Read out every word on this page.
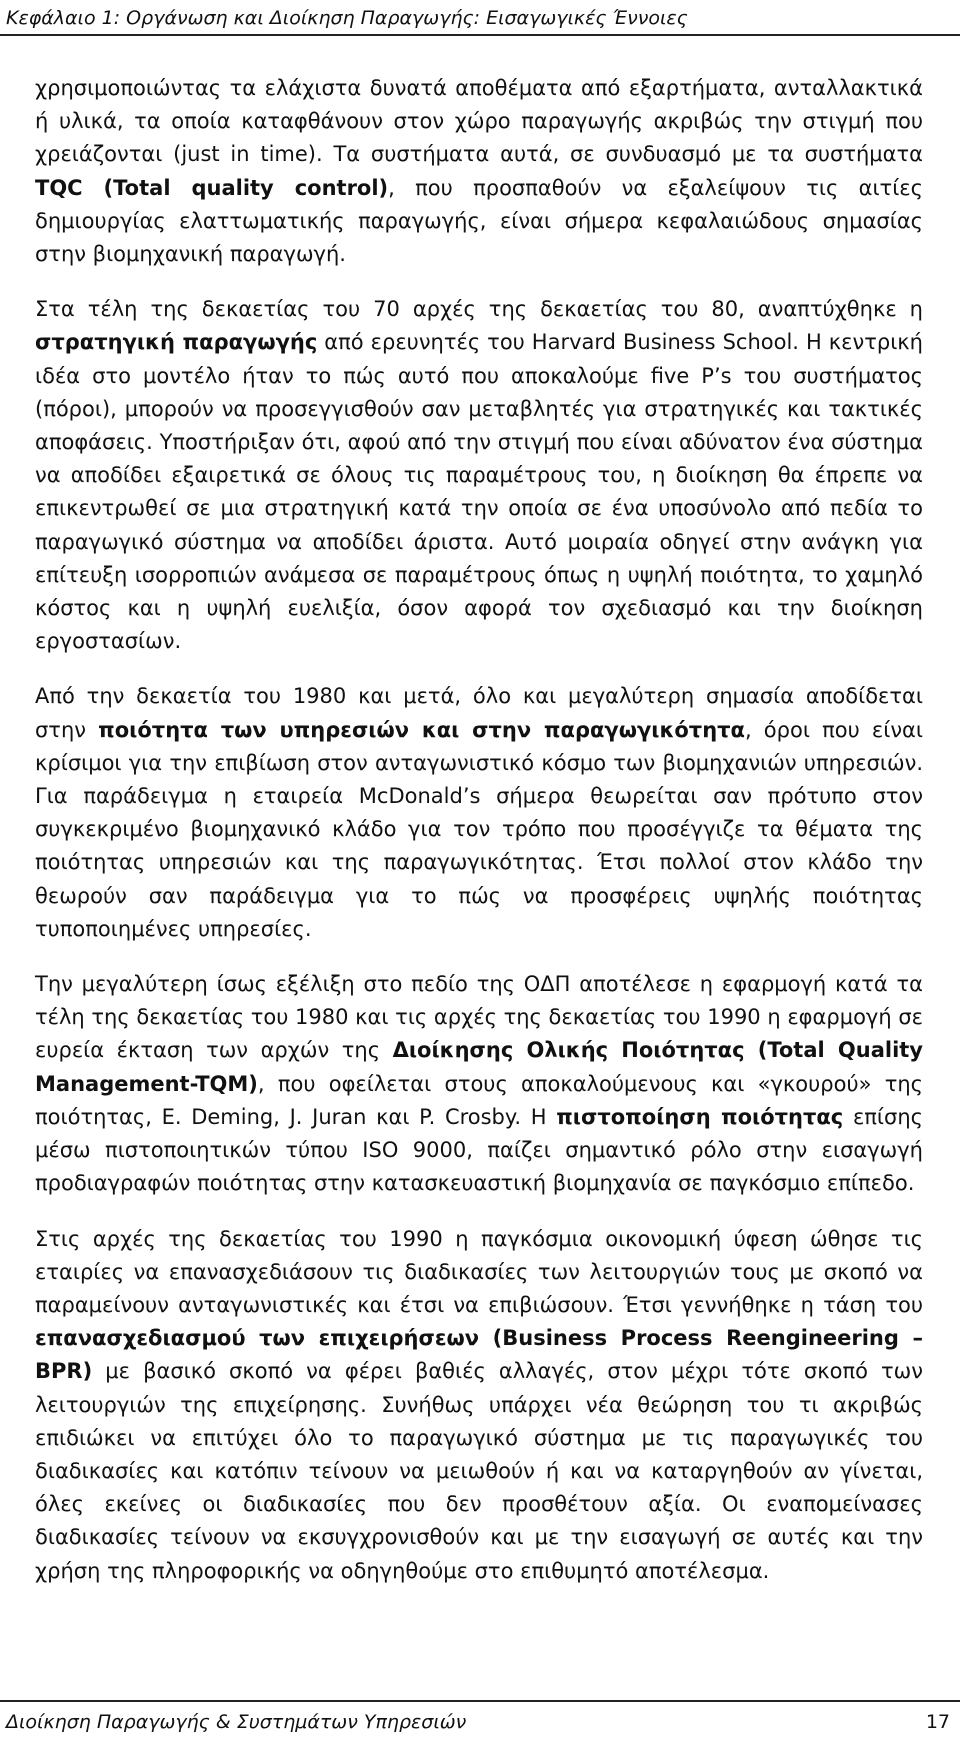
Κεφάλαιο 1: Οργάνωση και Διοίκηση Παραγωγής: Εισαγωγικές Έννοιες

χρησιμοποιώντας τα ελάχιστα δυνατά αποθέματα από εξαρτήματα, ανταλλακτικά ή υλικά, τα οποία καταφθάνουν στον χώρο παραγωγής ακριβώς την στιγμή που χρειάζονται (just in time). Τα συστήματα αυτά, σε συνδυασμό με τα συστήματα TQC (Total quality control), που προσπαθούν να εξαλείψουν τις αιτίες δημιουργίας ελαττωματικής παραγωγής, είναι σήμερα κεφαλαιώδους σημασίας στην βιομηχανική παραγωγή.

Στα τέλη της δεκαετίας του 70 αρχές της δεκαετίας του 80, αναπτύχθηκε η στρατηγική παραγωγής από ερευνητές του Harvard Business School. Η κεντρική ιδέα στο μοντέλο ήταν το πώς αυτό που αποκαλούμε five P’s του συστήματος (πόροι), μπορούν να προσεγγισθούν σαν μεταβλητές για στρατηγικές και τακτικές αποφάσεις. Υποστήριξαν ότι, αφού από την στιγμή που είναι αδύνατον ένα σύστημα να αποδίδει εξαιρετικά σε όλους τις παραμέτρους του, η διοίκηση θα έπρεπε να επικεντρωθεί σε μια στρατηγική κατά την οποία σε ένα υποσύνολο από πεδία το παραγωγικό σύστημα να αποδίδει άριστα. Αυτό μοιραία οδηγεί στην ανάγκη για επίτευξη ισορροπιών ανάμεσα σε παραμέτρους όπως η υψηλή ποιότητα, το χαμηλό κόστος και η υψηλή ευελιξία, όσον αφορά τον σχεδιασμό και την διοίκηση εργοστασίων.

Από την δεκαετία του 1980 και μετά, όλο και μεγαλύτερη σημασία αποδίδεται στην ποιότητα των υπηρεσιών και στην παραγωγικότητα, όροι που είναι κρίσιμοι για την επιβίωση στον ανταγωνιστικό κόσμο των βιομηχανιών υπηρεσιών. Για παράδειγμα η εταιρεία McDonald’s σήμερα θεωρείται σαν πρότυπο στον συγκεκριμένο βιομηχανικό κλάδο για τον τρόπο που προσέγγιζε τα θέματα της ποιότητας υπηρεσιών και της παραγωγικότητας. Έτσι πολλοί στον κλάδο την θεωρούν σαν παράδειγμα για το πώς να προσφέρεις υψηλής ποιότητας τυποποιημένες υπηρεσίες.

Την μεγαλύτερη ίσως εξέλιξη στο πεδίο της ΟΔΠ αποτέλεσε η εφαρμογή κατά τα τέλη της δεκαετίας του 1980 και τις αρχές της δεκαετίας του 1990 η εφαρμογή σε ευρεία έκταση των αρχών της Διοίκησης Ολικής Ποιότητας (Total Quality Management-TQM), που οφείλεται στους αποκαλούμενους και «γκουρού» της ποιότητας, E. Deming, J. Juran και P. Crosby. Η πιστοποίηση ποιότητας επίσης μέσω πιστοποιητικών τύπου ISO 9000, παίζει σημαντικό ρόλο στην εισαγωγή προδιαγραφών ποιότητας στην κατασκευαστική βιομηχανία σε παγκόσμιο επίπεδο.

Στις αρχές της δεκαετίας του 1990 η παγκόσμια οικονομική ύφεση ώθησε τις εταιρίες να επανασχεδιάσουν τις διαδικασίες των λειτουργιών τους με σκοπό να παραμείνουν ανταγωνιστικές και έτσι να επιβιώσουν. Έτσι γεννήθηκε η τάση του επανασχεδιασμού των επιχειρήσεων (Business Process Reengineering – BPR) με βασικό σκοπό να φέρει βαθιές αλλαγές, στον μέχρι τότε σκοπό των λειτουργιών της επιχείρησης. Συνήθως υπάρχει νέα θεώρηση του τι ακριβώς επιδιώκει να επιτύχει όλο το παραγωγικό σύστημα με τις παραγωγικές του διαδικασίες και κατόπιν τείνουν να μειωθούν ή και να καταργηθούν αν γίνεται, όλες εκείνες οι διαδικασίες που δεν προσθέτουν αξία. Οι εναπομείνασες διαδικασίες τείνουν να εκσυγχρονισθούν και με την εισαγωγή σε αυτές και την χρήση της πληροφορικής να οδηγηθούμε στο επιθυμητό αποτέλεσμα.

Διοίκηση Παραγωγής & Συστημάτων Υπηρεσιών	17
